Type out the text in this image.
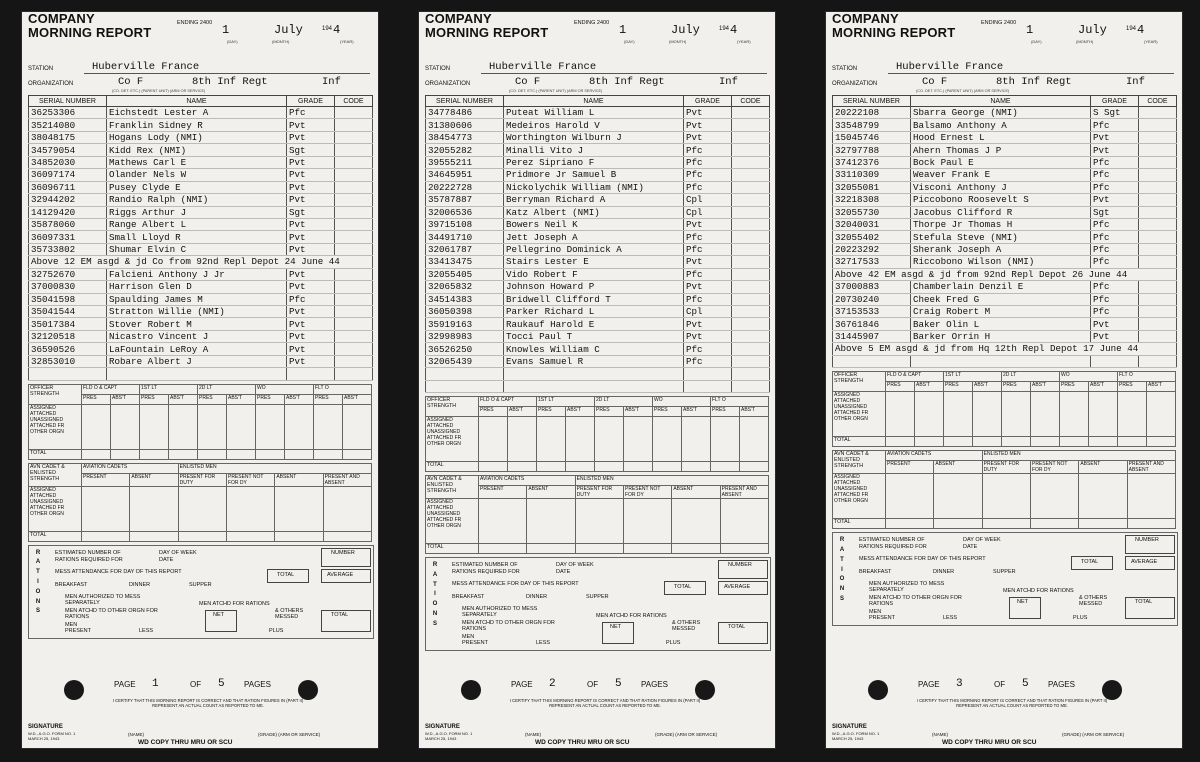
COMPANY
MORNING REPORT
ENDING 2400 1	July	194 4
(DAY)	(MONTH)	(YEAR)
STATION	Huberville France
ORGANIZATION	Co F	8th Inf Regt	Inf
(CO. DET. ETC.) (PARENT UNIT) (ARM OR SERVICE)
SERIAL NUMBER	NAME	GRADE	CODE
36253306	Eichstedt Lester A	Pfc	
35214080	Franklin Sidney R	Pvt	
38048175	Hogans Lody (NMI)	Pvt	
34579054	Kidd Rex (NMI)	Sgt	
34852030	Mathews Carl E	Pvt	
36097174	Olander Nels W	Pvt	
36096711	Pusey Clyde E	Pvt	
32944202	Randio Ralph (NMI)	Pvt	
14129420	Riggs Arthur J	Sgt	
35878060	Range Albert L	Pvt	
36097331	Small Lloyd R	Pvt	
35733802	Shumar Elvin C	Pvt	
Above 12 EM asgd & jd Co from 92nd Repl Depot 24 June 44			
32752670	Falcieni Anthony J Jr	Pvt	
37000830	Harrison Glen D	Pvt	
35041598	Spaulding James M	Pfc	
35041544	Stratton Willie (NMI)	Pvt	
35017384	Stover Robert M	Pvt	
32120518	Nicastro Vincent J	Pvt	
36590526	LaFountain LeRoy A	Pvt	
32853010	Robare Albert J	Pvt	

OFFICER STRENGTH	FLD O & CAPT		1ST LT		2D LT		WO		FLT O	
	PRES	ABS'T	PRES	ABS'T	PRES	ABS'T	PRES	ABS'T	PRES	ABS'T

ASSIGNED
ATTACHED UNASSIGNED
ATTACHED FR OTHER ORGN										

TOTAL										
AVN CADET & ENLISTED STRENGTH	AVIATION CADETS		ENLISTED MEN			
	PRESENT	ABSENT	PRESENT FOR DUTY	PRESENT NOT FOR DY	ABSENT	PRESENT AND ABSENT

ASSIGNED
ATTACHED UNASSIGNED
ATTACHED FR OTHER ORGN						

TOTAL						
R
A
T
I
O
N
S
ESTIMATED NUMBER OF
RATIONS REQUIRED FOR
DAY OF WEEK
DATE
NUMBER
MESS ATTENDANCE FOR DAY OF THIS REPORT	TOTAL	AVERAGE
BREAKFAST	DINNER	SUPPER
MEN AUTHORIZED TO MESS SEPARATELY
MEN ATCHD TO OTHER ORGN FOR RATIONS
MEN ATCHD FOR RATIONS
& OTHERS MESSED
NET	TOTAL
MEN PRESENT	LESS	PLUS
PAGE 1	OF 5 PAGES
I CERTIFY THAT THIS MORNING REPORT IS CORRECT AND THAT RATION FIGURES IN (PART II) REPRESENT AN ACTUAL COUNT AS REPORTED TO ME.
SIGNATURE
W.D., A.G.O. FORM NO. 1
MARCH 25, 1943
(NAME)	(GRADE) (ARM OR SERVICE)
WD COPY THRU MRU OR SCU
COMPANY
MORNING REPORT
ENDING 2400 1	July	194 4
(DAY)	(MONTH)	(YEAR)
STATION	Huberville France
ORGANIZATION	Co F	8th Inf Regt	Inf
(CO. DET. ETC.) (PARENT UNIT) (ARM OR SERVICE)
SERIAL NUMBER	NAME	GRADE	CODE
34778486	Puteat William L	Pvt	
31380606	Medeiros Harold V	Pvt	
38454773	Worthington Wilburn J	Pvt	
32055282	Minalli Vito J	Pfc	
39555211	Perez Sipriano F	Pfc	
34645951	Pridmore Jr Samuel B	Pfc	
20222728	Nickolychik William (NMI)	Pfc	
35787887	Berryman Richard A	Cpl	
32006536	Katz Albert (NMI)	Cpl	
39715108	Bowers Neil K	Pvt	
34491710	Jett Joseph A	Pfc	
32061787	Pellegrino Dominick A	Pfc	
33413475	Stairs Lester E	Pvt	
32055405	Vido Robert F	Pfc	
32065832	Johnson Howard P	Pvt	
34514383	Bridwell Clifford T	Pfc	
36050398	Parker Richard L	Cpl	
35919163	Raukauf Harold E	Pvt	
32998983	Tocci Paul T	Pvt	
36526250	Knowles William C	Pfc	
32065439	Evans Samuel R	Pfc	

OFFICER STRENGTH	FLD O & CAPT		1ST LT		2D LT		WO		FLT O	
	PRES	ABS'T	PRES	ABS'T	PRES	ABS'T	PRES	ABS'T	PRES	ABS'T

ASSIGNED
ATTACHED UNASSIGNED
ATTACHED FR OTHER ORGN										

TOTAL										
AVN CADET & ENLISTED STRENGTH	AVIATION CADETS		ENLISTED MEN			
	PRESENT	ABSENT	PRESENT FOR DUTY	PRESENT NOT FOR DY	ABSENT	PRESENT AND ABSENT

ASSIGNED
ATTACHED UNASSIGNED
ATTACHED FR OTHER ORGN						

TOTAL						
R
A
T
I
O
N
S
ESTIMATED NUMBER OF
RATIONS REQUIRED FOR
DAY OF WEEK
DATE
NUMBER
MESS ATTENDANCE FOR DAY OF THIS REPORT	TOTAL	AVERAGE
BREAKFAST	DINNER	SUPPER
MEN AUTHORIZED TO MESS SEPARATELY
MEN ATCHD TO OTHER ORGN FOR RATIONS
MEN ATCHD FOR RATIONS
& OTHERS MESSED
NET	TOTAL
MEN PRESENT	LESS	PLUS
PAGE 2	OF 5 PAGES
I CERTIFY THAT THIS MORNING REPORT IS CORRECT AND THAT RATION FIGURES IN (PART II) REPRESENT AN ACTUAL COUNT AS REPORTED TO ME.
SIGNATURE
W.D., A.G.O. FORM NO. 1
MARCH 25, 1943
(NAME)	(GRADE) (ARM OR SERVICE)
WD COPY THRU MRU OR SCU
COMPANY
MORNING REPORT
ENDING 2400 1	July	194 4
(DAY)	(MONTH)	(YEAR)
STATION	Huberville France
ORGANIZATION	Co F	8th Inf Regt	Inf
(CO. DET. ETC.) (PARENT UNIT) (ARM OR SERVICE)
SERIAL NUMBER	NAME	GRADE	CODE
20222108	Sbarra George (NMI)	S Sgt	
33548799	Balsamo Anthony A	Pfc	
15045746	Hood Ernest L	Pvt	
32797788	Ahern Thomas J P	Pvt	
37412376	Bock Paul E	Pfc	
33110309	Weaver Frank E	Pfc	
32055081	Visconi Anthony J	Pfc	
32218308	Piccobono Roosevelt S	Pvt	
32055730	Jacobus Clifford R	Sgt	
32040031	Thorpe Jr Thomas H	Pfc	
32055402	Stefula Steve (NMI)	Pfc	
20223292	Sherank Joseph A	Pfc	
32717533	Riccobono Wilson (NMI)	Pfc	
Above 42 EM asgd & jd from 92nd Repl Depot 26 June 44			
37000883	Chamberlain Denzil E	Pfc	
20730240	Cheek Fred G	Pfc	
37153533	Craig Robert M	Pfc	
36761846	Baker Olin L	Pvt	
31445907	Barker Orrin H	Pvt	
Above 5 EM asgd & jd from Hq 12th Repl Depot 17 June 44			

OFFICER STRENGTH	FLD O & CAPT		1ST LT		2D LT		WO		FLT O	
	PRES	ABS'T	PRES	ABS'T	PRES	ABS'T	PRES	ABS'T	PRES	ABS'T

ASSIGNED
ATTACHED UNASSIGNED
ATTACHED FR OTHER ORGN										

TOTAL										
AVN CADET & ENLISTED STRENGTH	AVIATION CADETS		ENLISTED MEN			
	PRESENT	ABSENT	PRESENT FOR DUTY	PRESENT NOT FOR DY	ABSENT	PRESENT AND ABSENT

ASSIGNED
ATTACHED UNASSIGNED
ATTACHED FR OTHER ORGN						

TOTAL						
R
A
T
I
O
N
S
ESTIMATED NUMBER OF
RATIONS REQUIRED FOR
DAY OF WEEK
DATE
NUMBER
MESS ATTENDANCE FOR DAY OF THIS REPORT	TOTAL	AVERAGE
BREAKFAST	DINNER	SUPPER
MEN AUTHORIZED TO MESS SEPARATELY
MEN ATCHD TO OTHER ORGN FOR RATIONS
MEN ATCHD FOR RATIONS
& OTHERS MESSED
NET	TOTAL
MEN PRESENT	LESS	PLUS
PAGE 3	OF 5 PAGES
I CERTIFY THAT THIS MORNING REPORT IS CORRECT AND THAT RATION FIGURES IN (PART II) REPRESENT AN ACTUAL COUNT AS REPORTED TO ME.
SIGNATURE
W.D., A.G.O. FORM NO. 1
MARCH 25, 1943
(NAME)	(GRADE) (ARM OR SERVICE)
WD COPY THRU MRU OR SCU
